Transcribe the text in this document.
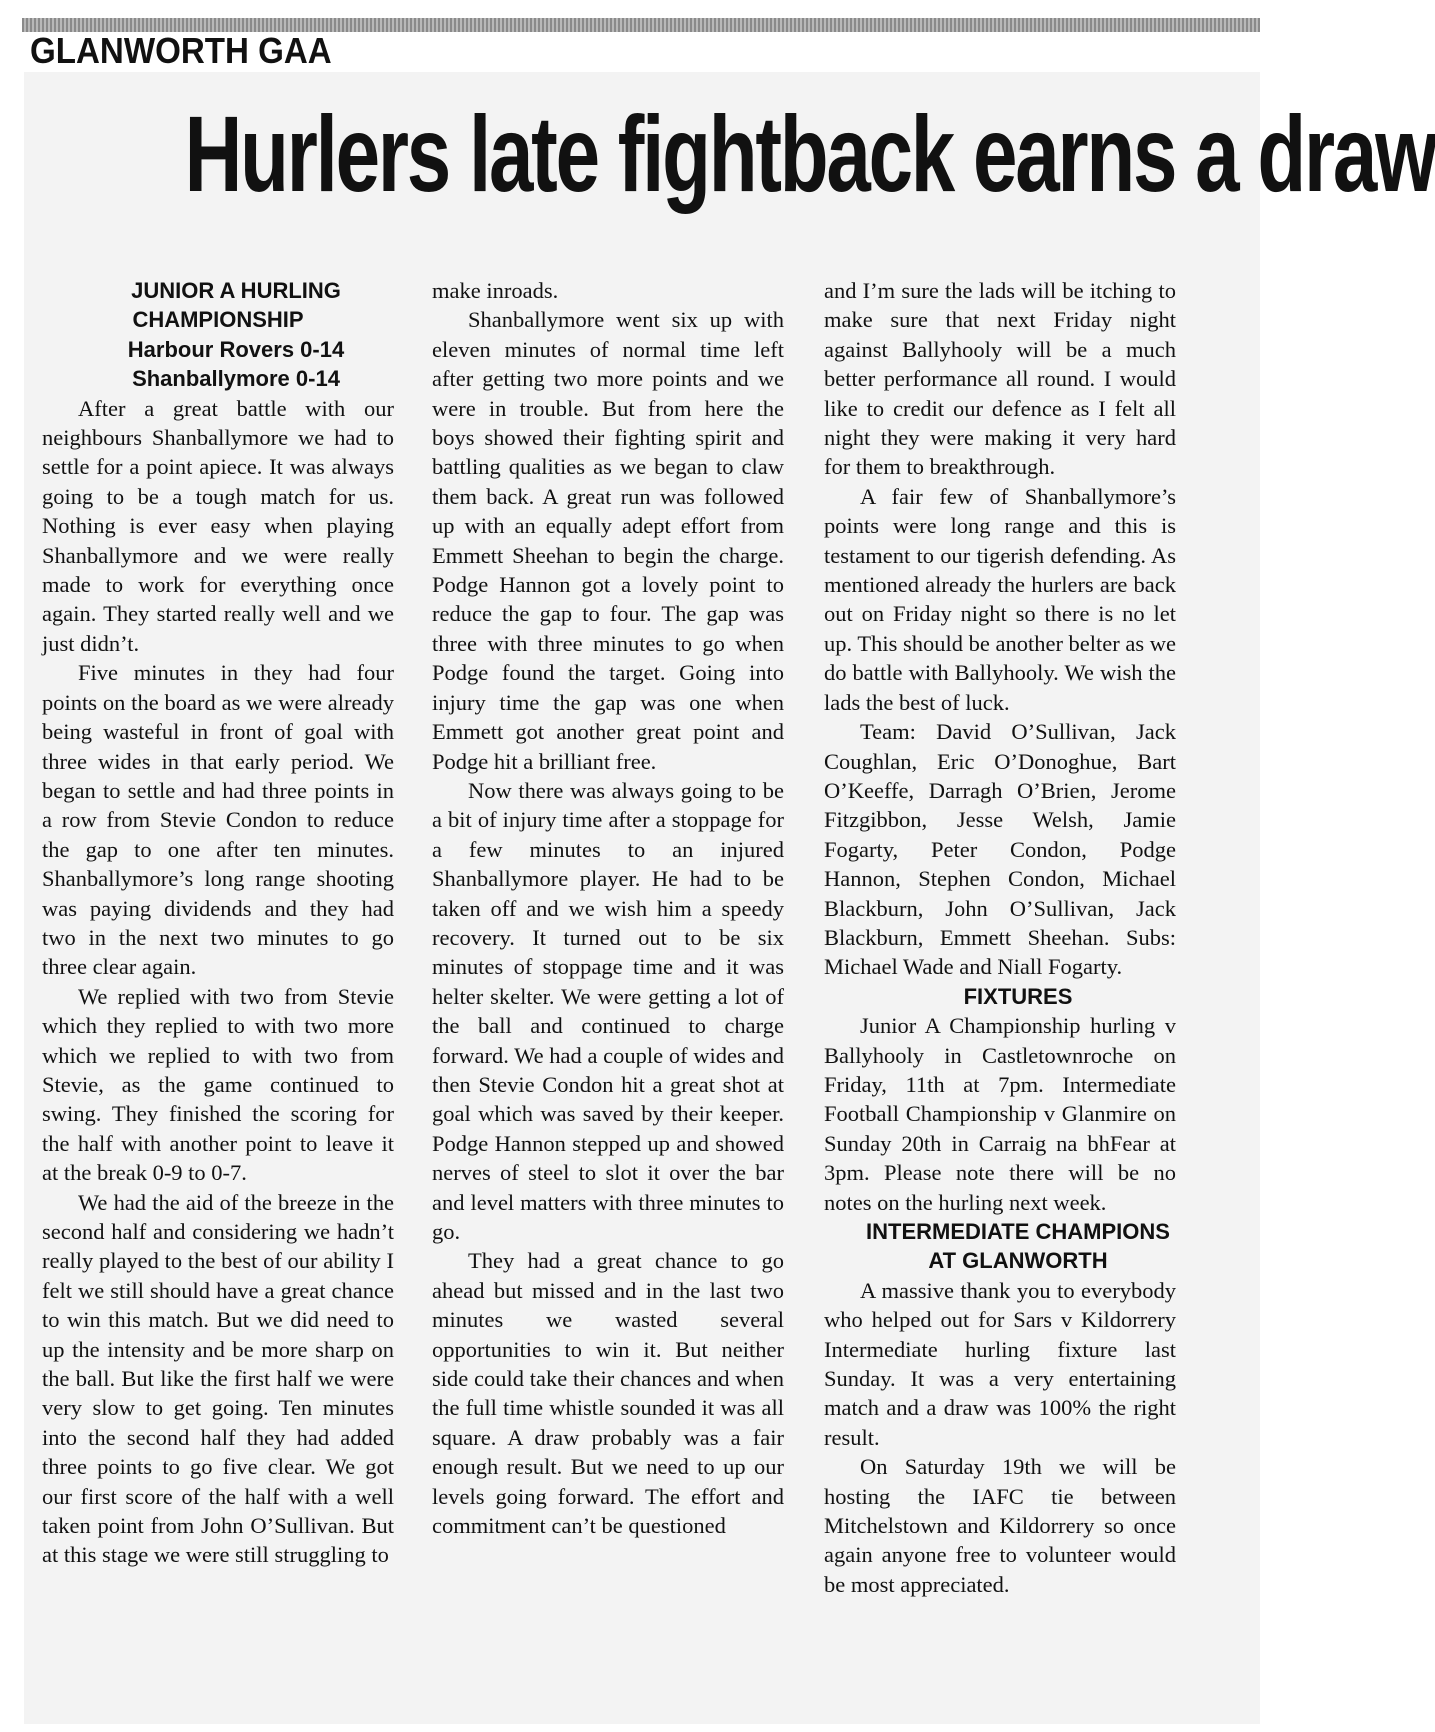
GLANWORTH GAA
Hurlers late fightback earns a draw

JUNIOR A HURLING CHAMPIONSHIP

Harbour Rovers 0-14

Shanballymore 0-14

After a great battle with our neighbours Shanballymore we had to settle for a point apiece. It was always going to be a tough match for us. Nothing is ever easy when playing Shanballymore and we were really made to work for everything once again. They started really well and we just didn’t.

Five minutes in they had four points on the board as we were already being wasteful in front of goal with three wides in that early period. We began to settle and had three points in a row from Stevie Condon to reduce the gap to one after ten minutes. Shanballymore’s long range shooting was paying dividends and they had two in the next two minutes to go three clear again.

We replied with two from Stevie which they replied to with two more which we replied to with two from Stevie, as the game continued to swing. They finished the scoring for the half with another point to leave it at the break 0-9 to 0-7.

We had the aid of the breeze in the second half and considering we hadn’t really played to the best of our ability I felt we still should have a great chance to win this match. But we did need to up the intensity and be more sharp on the ball. But like the first half we were very slow to get going. Ten minutes into the second half they had added three points to go five clear. We got our first score of the half with a well taken point from John O’Sullivan. But at this stage we were still struggling to

make inroads.

Shanballymore went six up with eleven minutes of normal time left after getting two more points and we were in trouble. But from here the boys showed their fighting spirit and battling qualities as we began to claw them back. A great run was followed up with an equally adept effort from Emmett Sheehan to begin the charge. Podge Hannon got a lovely point to reduce the gap to four. The gap was three with three minutes to go when Podge found the target. Going into injury time the gap was one when Emmett got another great point and Podge hit a brilliant free.

Now there was always going to be a bit of injury time after a stoppage for a few minutes to an injured Shanballymore player. He had to be taken off and we wish him a speedy recovery. It turned out to be six minutes of stoppage time and it was helter skelter. We were getting a lot of the ball and continued to charge forward. We had a couple of wides and then Stevie Condon hit a great shot at goal which was saved by their keeper. Podge Hannon stepped up and showed nerves of steel to slot it over the bar and level matters with three minutes to go.

They had a great chance to go ahead but missed and in the last two minutes we wasted several opportunities to win it. But neither side could take their chances and when the full time whistle sounded it was all square. A draw probably was a fair enough result. But we need to up our levels going forward. The effort and commitment can’t be questioned

and I’m sure the lads will be itching to make sure that next Friday night against Ballyhooly will be a much better performance all round. I would like to credit our defence as I felt all night they were making it very hard for them to breakthrough.

A fair few of Shanballymore’s points were long range and this is testament to our tigerish defending. As mentioned already the hurlers are back out on Friday night so there is no let up. This should be another belter as we do battle with Ballyhooly. We wish the lads the best of luck.

Team: David O’Sullivan, Jack Coughlan, Eric O’Donoghue, Bart O’Keeffe, Darragh O’Brien, Jerome Fitzgibbon, Jesse Welsh, Jamie Fogarty, Peter Condon, Podge Hannon, Stephen Condon, Michael Blackburn, John O’Sullivan, Jack Blackburn, Emmett Sheehan. Subs: Michael Wade and Niall Fogarty.

FIXTURES

Junior A Championship hurling v Ballyhooly in Castletownroche on Friday, 11th at 7pm. Intermediate Football Championship v Glanmire on Sunday 20th in Carraig na bhFear at 3pm. Please note there will be no notes on the hurling next week.

INTERMEDIATE CHAMPIONS

AT GLANWORTH

A massive thank you to everybody who helped out for Sars v Kildorrery Intermediate hurling fixture last Sunday. It was a very entertaining match and a draw was 100% the right result.

On Saturday 19th we will be hosting the IAFC tie between Mitchelstown and Kildorrery so once again anyone free to volunteer would be most appreciated.
